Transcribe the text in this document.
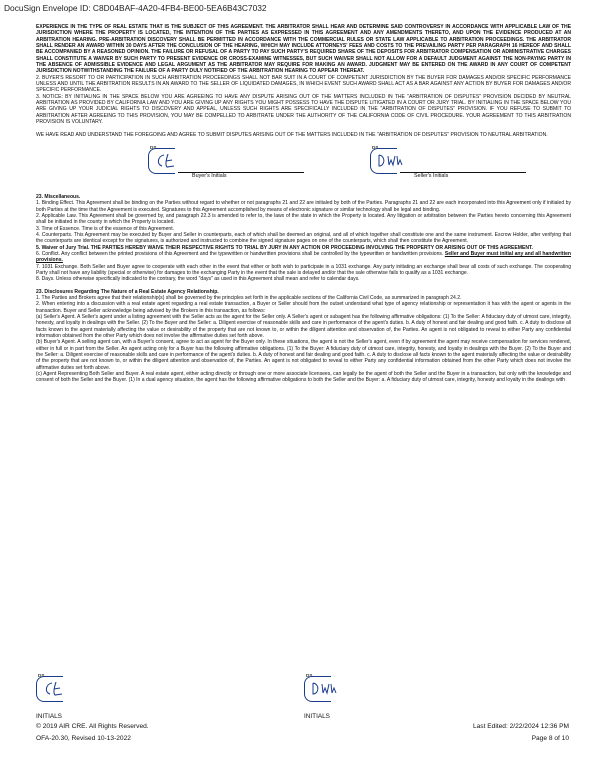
DocuSign Envelope ID: C8D04BAF-4A20-4FB4-BE00-5EA6B43C7032

EXPERIENCE IN THE TYPE OF REAL ESTATE THAT IS THE SUBJECT OF THIS AGREEMENT. THE ARBITRATOR SHALL HEAR AND DETERMINE SAID CONTROVERSY IN ACCORDANCE WITH APPLICABLE LAW OF THE JURISDICTION WHERE THE PROPERTY IS LOCATED, THE INTENTION OF THE PARTIES AS EXPRESSED IN THIS AGREEMENT AND ANY AMENDMENTS THERETO, AND UPON THE EVIDENCE PRODUCED AT AN ARBITRATION HEARING. PRE-ARBITRATION DISCOVERY SHALL BE PERMITTED IN ACCORDANCE WITH THE COMMERCIAL RULES OR STATE LAW APPLICABLE TO ARBITRATION PROCEEDINGS. THE ARBITRATOR SHALL RENDER AN AWARD WITHIN 30 DAYS AFTER THE CONCLUSION OF THE HEARING, WHICH MAY INCLUDE ATTORNEYS' FEES AND COSTS TO THE PREVAILING PARTY PER PARAGRAPH 16 HEREOF AND SHALL BE ACCOMPANIED BY A REASONED OPINION. THE FAILURE OR REFUSAL OF A PARTY TO PAY SUCH PARTY'S REQUIRED SHARE OF THE DEPOSITS FOR ARBITRATOR COMPENSATION OR ADMINISTRATIVE CHARGES SHALL CONSTITUTE A WAIVER BY SUCH PARTY TO PRESENT EVIDENCE OR CROSS-EXAMINE WITNESSES, BUT SUCH WAIVER SHALL NOT ALLOW FOR A DEFAULT JUDGMENT AGAINST THE NON-PAYING PARTY IN THE ABSENCE OF ADMISSIBLE EVIDENCE AND LEGAL ARGUMENT AS THE ARBITRATOR MAY REQUIRE FOR MAKING AN AWARD. JUDGMENT MAY BE ENTERED ON THE AWARD IN ANY COURT OF COMPETENT JURISDICTION NOTWITHSTANDING THE FAILURE OF A PARTY DULY NOTIFIED OF THE ARBITRATION HEARING TO APPEAR THEREAT.

2. BUYER'S RESORT TO OR PARTICIPATION IN SUCH ARBITRATION PROCEEDINGS SHALL NOT BAR SUIT IN A COURT OF COMPETENT JURISDICTION BY THE BUYER FOR DAMAGES AND/OR SPECIFIC PERFORMANCE UNLESS AND UNTIL THE ARBITRATION RESULTS IN AN AWARD TO THE SELLER OF LIQUIDATED DAMAGES, IN WHICH EVENT SUCH AWARD SHALL ACT AS A BAR AGAINST ANY ACTION BY BUYER FOR DAMAGES AND/OR SPECIFIC PERFORMANCE.

3. NOTICE: BY INITIALING IN THE SPACE BELOW YOU ARE AGREEING TO HAVE ANY DISPUTE ARISING OUT OF THE MATTERS INCLUDED IN THE "ARBITRATION OF DISPUTES" PROVISION DECIDED BY NEUTRAL ARBITRATION AS PROVIDED BY CALIFORNIA LAW AND YOU ARE GIVING UP ANY RIGHTS YOU MIGHT POSSESS TO HAVE THE DISPUTE LITIGATED IN A COURT OR JURY TRIAL. BY INITIALING IN THE SPACE BELOW YOU ARE GIVING UP YOUR JUDICIAL RIGHTS TO DISCOVERY AND APPEAL, UNLESS SUCH RIGHTS ARE SPECIFICALLY INCLUDED IN THE "ARBITRATION OF DISPUTES" PROVISION. IF YOU REFUSE TO SUBMIT TO ARBITRATION AFTER AGREEING TO THIS PROVISION, YOU MAY BE COMPELLED TO ARBITRATE UNDER THE AUTHORITY OF THE CALIFORNIA CODE OF CIVIL PROCEDURE. YOUR AGREEMENT TO THIS ARBITRATION PROVISION IS VOLUNTARY.

WE HAVE READ AND UNDERSTAND THE FOREGOING AND AGREE TO SUBMIT DISPUTES ARISING OUT OF THE MATTERS INCLUDED IN THE "ARBITRATION OF DISPUTES" PROVISION TO NEUTRAL ARBITRATION.

DS
Buyer's Initials
DS
Seller's Initials

23. Miscellaneous.

1. Binding Effect. This Agreement shall be binding on the Parties without regard to whether or not paragraphs 21 and 22 are initialed by both of the Parties. Paragraphs 21 and 22 are each incorporated into this Agreement only if initialed by both Parties at the time that the Agreement is executed. Signatures to this Agreement accomplished by means of electronic signature or similar technology shall be legal and binding.

2. Applicable Law. This Agreement shall be governed by, and paragraph 22.3 is amended to refer to, the laws of the state in which the Property is located. Any litigation or arbitration between the Parties hereto concerning this Agreement shall be initiated in the county in which the Property is located.

3. Time of Essence. Time is of the essence of this Agreement.

4. Counterparts. This Agreement may be executed by Buyer and Seller in counterparts, each of which shall be deemed an original, and all of which together shall constitute one and the same instrument. Escrow Holder, after verifying that the counterparts are identical except for the signatures, is authorized and instructed to combine the signed signature pages on one of the counterparts, which shall then constitute the Agreement.

5. Waiver of Jury Trial. THE PARTIES HEREBY WAIVE THEIR RESPECTIVE RIGHTS TO TRIAL BY JURY IN ANY ACTION OR PROCEEDING INVOLVING THE PROPERTY OR ARISING OUT OF THIS AGREEMENT.

6. Conflict. Any conflict between the printed provisions of this Agreement and the typewritten or handwritten provisions shall be controlled by the typewritten or handwritten provisions. Seller and Buyer must initial any and all handwritten provisions.

7. 1031 Exchange. Both Seller and Buyer agree to cooperate with each other in the event that either or both wish to participate in a 1031 exchange. Any party initiating an exchange shall bear all costs of such exchange. The cooperating Party shall not have any liability (special or otherwise) for damages to the exchanging Party in the event that the sale is delayed and/or that the sale otherwise fails to qualify as a 1031 exchange.

8. Days. Unless otherwise specifically indicated to the contrary, the word "days" as used in this Agreement shall mean and refer to calendar days.

23. Disclosures Regarding The Nature of a Real Estate Agency Relationship.

1. The Parties and Brokers agree that their relationship(s) shall be governed by the principles set forth in the applicable sections of the California Civil Code, as summarized in paragraph 24.2.

2. When entering into a discussion with a real estate agent regarding a real estate transaction, a Buyer or Seller should from the outset understand what type of agency relationship or representation it has with the agent or agents in the transaction. Buyer and Seller acknowledge being advised by the Brokers in this transaction, as follows:

(a) Seller's Agent. A Seller's agent under a listing agreement with the Seller acts as the agent for the Seller only. A Seller's agent or subagent has the following affirmative obligations: (1) To the Seller: A fiduciary duty of utmost care, integrity, honesty, and loyalty in dealings with the Seller. (2) To the Buyer and the Seller: a. Diligent exercise of reasonable skills and care in performance of the agent's duties. b. A duty of honest and fair dealing and good faith. c. A duty to disclose all facts known to the agent materially affecting the value or desirability of the property that are not known to, or within the diligent attention and observation of, the Parties. An agent is not obligated to reveal to either Party any confidential information obtained from the other Party which does not involve the affirmative duties set forth above.

(b) Buyer's Agent. A selling agent can, with a Buyer's consent, agree to act as agent for the Buyer only. In these situations, the agent is not the Seller's agent, even if by agreement the agent may receive compensation for services rendered, either in full or in part from the Seller. An agent acting only for a Buyer has the following affirmative obligations. (1) To the Buyer: A fiduciary duty of utmost care, integrity, honesty, and loyalty in dealings with the Buyer. (2) To the Buyer and the Seller: a. Diligent exercise of reasonable skills and care in performance of the agent's duties. b. A duty of honest and fair dealing and good faith. c. A duty to disclose all facts known to the agent materially affecting the value or desirability of the property that are not known to, or within the diligent attention and observation of, the Parties. An agent is not obligated to reveal to either Party any confidential information obtained from the other Party which does not involve the affirmative duties set forth above.

(c) Agent Representing Both Seller and Buyer. A real estate agent, either acting directly or through one or more associate licensees, can legally be the agent of both the Seller and the Buyer in a transaction, but only with the knowledge and consent of both the Seller and the Buyer. (1) In a dual agency situation, the agent has the following affirmative obligations to both the Seller and the Buyer: a. A fiduciary duty of utmost care, integrity, honesty and loyalty in the dealings with

DS	DS
INITIALS	INITIALS
© 2019 AIR CRE. All Rights Reserved.
OFA-20.30, Revised 10-13-2022
Last Edited: 2/22/2024 12:36 PM
Page 8 of 10
